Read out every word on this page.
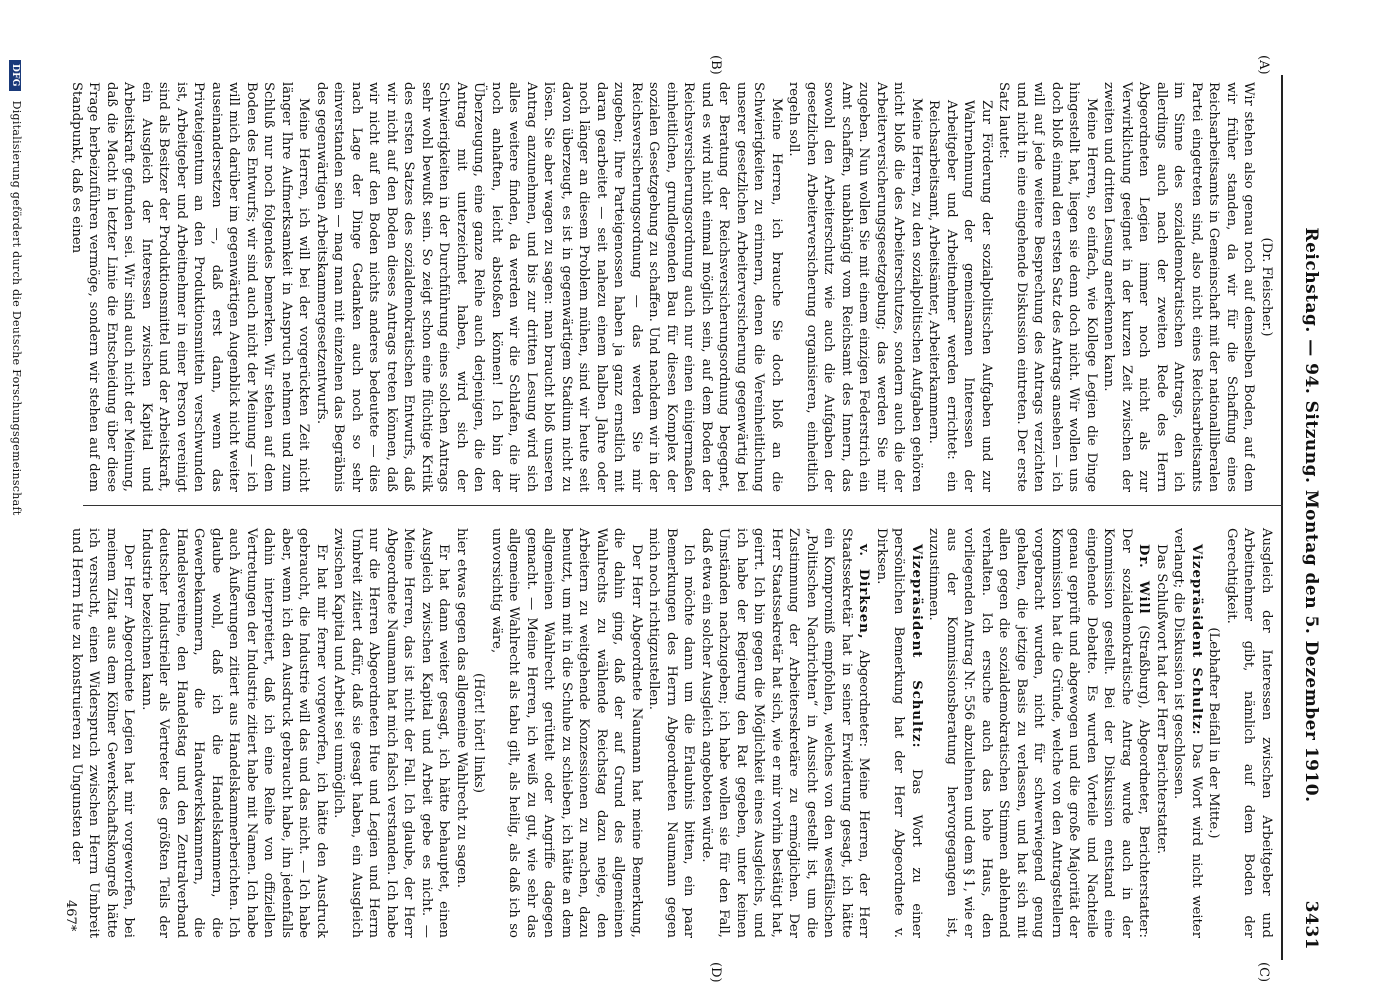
Reichstag. — 94. Sitzung. Montag den 5. Dezember 1910.
3431
(A)
(B)
(C)
(D)

(Dr. Fleischer.)

Wir stehen also genau noch auf demselben Boden, auf dem wir früher standen, da wir für die Schaffung eines Reichsarbeitsamts in Gemeinschaft mit der nationalliberalen Partei eingetreten sind, also nicht eines Reichsarbeitsamts im Sinne des sozialdemokratischen Antrags, den ich allerdings auch nach der zweiten Rede des Herrn Abgeordneten Legien immer noch nicht als zur Verwirklichung geeignet in der kurzen Zeit zwischen der zweiten und dritten Lesung anerkennen kann.

Meine Herren, so einfach, wie Kollege Legien die Dinge hingestellt hat, liegen sie denn doch nicht. Wir wollen uns doch bloß einmal den ersten Satz des Antrags ansehen — ich will auf jede weitere Besprechung des Antrags verzichten und nicht in eine eingehende Diskussion eintreten. Der erste Satz lautet:

Zur Förderung der sozialpolitischen Aufgaben und zur Wahrnehmung der gemeinsamen Interessen der Arbeitgeber und Arbeitnehmer werden errichtet: ein Reichsarbeitsamt, Arbeitsämter, Arbeiterkammern.

Meine Herren, zu den sozialpolitischen Aufgaben gehören nicht bloß die des Arbeiterschutzes, sondern auch die der Arbeiterversicherungsgesetzgebung; das werden Sie mir zugeben. Nun wollen Sie mit einem einzigen Federstrich ein Amt schaffen, unabhängig vom Reichsamt des Innern, das sowohl den Arbeiterschutz wie auch die Aufgaben der gesetzlichen Arbeiterversicherung organisieren, einheitlich regeln soll.

Meine Herren, ich brauche Sie doch bloß an die Schwierigkeiten zu erinnern, denen die Vereinheitlichung unserer gesetzlichen Arbeiterversicherung gegenwärtig bei der Beratung der Reichsversicherungsordnung begegnet, und es wird nicht einmal möglich sein, auf dem Boden der Reichsversicherungsordnung auch nur einen einigermaßen einheitlichen, grundlegenden Bau für diesen Komplex der sozialen Gesetzgebung zu schaffen. Und nachdem wir in der Reichsversicherungsordnung — das werden Sie mir zugeben; Ihre Parteigenossen haben ja ganz ernstlich mit daran gearbeitet — seit nahezu einem halben Jahre oder noch länger an diesem Problem mühen, sind wir heute seit davon überzeugt, es ist in gegenwärtigem Stadium nicht zu lösen. Sie aber wagen zu sagen: man braucht bloß unseren Antrag anzunehmen, und bis zur dritten Lesung wird sich alles weitere finden, da werden wir die Schlafen, die ihr noch anhaften, leicht abstoßen können! Ich bin der Überzeugung, eine ganze Reihe auch derjenigen, die den Antrag mit unterzeichnet haben, wird sich der Schwierigkeiten in der Durchführung eines solchen Antrags sehr wohl bewußt sein. So zeigt schon eine flüchtige Kritik des ersten Satzes des sozialdemokratischen Entwurfs, daß wir nicht auf den Boden dieses Antrags treten können, daß wir nicht auf den Boden nichts anderes bedeutete — dies nach Lage der Dinge Gedanken auch noch so sehr einverstanden sein — mag man mit einzelnen das Begräbnis des gegenwärtigen Arbeitskammergesetzentwurfs.

Meine Herren, ich will bei der vorgerückten Zeit nicht länger Ihre Aufmerksamkeit in Anspruch nehmen und zum Schluß nur noch folgendes bemerken. Wir stehen auf dem Boden des Entwurfs; wir sind auch nicht der Meinung — ich will mich darüber im gegenwärtigen Augenblick nicht weiter auseinandersetzen —, daß erst dann, wenn das Privateigentum an den Produktionsmitteln verschwunden ist, Arbeitgeber und Arbeitnehmer in einer Person vereinigt sind als Besitzer der Produktionsmittel und der Arbeitskraft, ein Ausgleich der Interessen zwischen Kapital und Arbeitskraft gefunden sei. Wir sind auch nicht der Meinung, daß die Macht in letzter Linie die Entscheidung über diese Frage herbeizuführen vermöge, sondern wir stehen auf dem Standpunkt, daß es einen

Ausgleich der Interessen zwischen Arbeitgeber und Arbeitnehmer gibt, nämlich auf dem Boden der Gerechtigkeit.

(Lebhafter Beifall in der Mitte.)

Vizepräsident Schultz: Das Wort wird nicht weiter verlangt; die Diskussion ist geschlossen.

Das Schlußwort hat der Herr Berichterstatter.

Dr. Will (Straßburg), Abgeordneter, Berichterstatter: Der sozialdemokratische Antrag wurde auch in der Kommission gestellt. Bei der Diskussion entstand eine eingehende Debatte. Es wurden Vorteile und Nachteile genau geprüft und abgewogen und die große Majorität der Kommission hat die Gründe, welche von den Antragstellern vorgebracht wurden, nicht für schwerwiegend genug gehalten, die jetzige Basis zu verlassen, und hat sich mit allen gegen die sozialdemokratischen Stimmen ablehnend verhalten. Ich ersuche auch das hohe Haus, den vorliegenden Antrag Nr. 556 abzulehnen und dem § 1, wie er aus der Kommissionsberatung hervorgegangen ist, zuzustimmen.

Vizepräsident Schultz: Das Wort zu einer persönlichen Bemerkung hat der Herr Abgeordnete v. Dirksen.

v. Dirksen, Abgeordneter: Meine Herren, der Herr Staatssekretär hat in seiner Erwiderung gesagt, ich hätte ein Kompromiß empfohlen, welches von den westfälischen „Politischen Nachrichten“ in Aussicht gestellt ist, um die Zustimmung der Arbeitersekretäre zu ermöglichen. Der Herr Staatssekretär hat sich, wie er mir vorhin bestätigt hat, geirrt. Ich bin gegen die Möglichkeit eines Ausgleichs, und ich habe der Regierung den Rat gegeben, unter keinen Umständen nachzugeben; ich habe wollen sie für den Fall, daß etwa ein solcher Ausgleich angeboten würde.

Ich möchte dann um die Erlaubnis bitten, ein paar Bemerkungen des Herrn Abgeordneten Naumann gegen mich noch richtigzustellen.

Der Herr Abgeordnete Naumann hat meine Bemerkung, die dahin ging, daß der auf Grund des allgemeinen Wahlrechts zu wählende Reichstag dazu neige, den Arbeitern zu weitgehende Konzessionen zu machen, dazu benutzt, um mit in die Schuhe zu schieben, ich hätte an dem allgemeinen Wahlrecht gerüttelt oder Angriffe dagegen gemacht. — Meine Herren, ich weiß zu gut, wie sehr das allgemeine Wahlrecht als tabu gilt, als heilig, als daß ich so unvorsichtig wäre,

(Hört! hört! links)

hier etwas gegen das allgemeine Wahlrecht zu sagen.

Er hat dann weiter gesagt, ich hätte behauptet, einen Ausgleich zwischen Kapital und Arbeit gebe es nicht. — Meine Herren, das ist nicht der Fall. Ich glaube, der Herr Abgeordnete Naumann hat mich falsch verstanden. Ich habe nur die Herren Abgeordneten Hue und Legien und Herrn Umbreit zitiert dafür, daß sie gesagt haben, ein Ausgleich zwischen Kapital und Arbeit sei unmöglich.

Er hat mir ferner vorgeworfen, ich hätte den Ausdruck gebraucht, die Industrie will das und das nicht. — Ich habe aber, wenn ich den Ausdruck gebraucht habe, ihn jedenfalls dahin interpretiert, daß ich eine Reihe von offiziellen Vertretungen der Industrie zitiert habe mit Namen. Ich habe auch Äußerungen zitiert aus Handelskammerberichten. Ich glaube wohl, daß ich die Handelskammern, die Gewerbekammern, die Handwerkskammern, die Handelsvereine, den Handelstag und den Zentralverband deutscher Industrieller als Vertreter des größten Teils der Industrie bezeichnen kann.

Der Herr Abgeordnete Legien hat mir vorgeworfen, bei meinem Zitat aus dem Kölner Gewerkschaftskongreß hätte ich versucht, einen Widerspruch zwischen Herrn Umbreit und Herrn Hue zu konstruieren zu Ungunsten der

467*
DFG Digitalisierung gefördert durch die Deutsche Forschungsgemeinschaft
